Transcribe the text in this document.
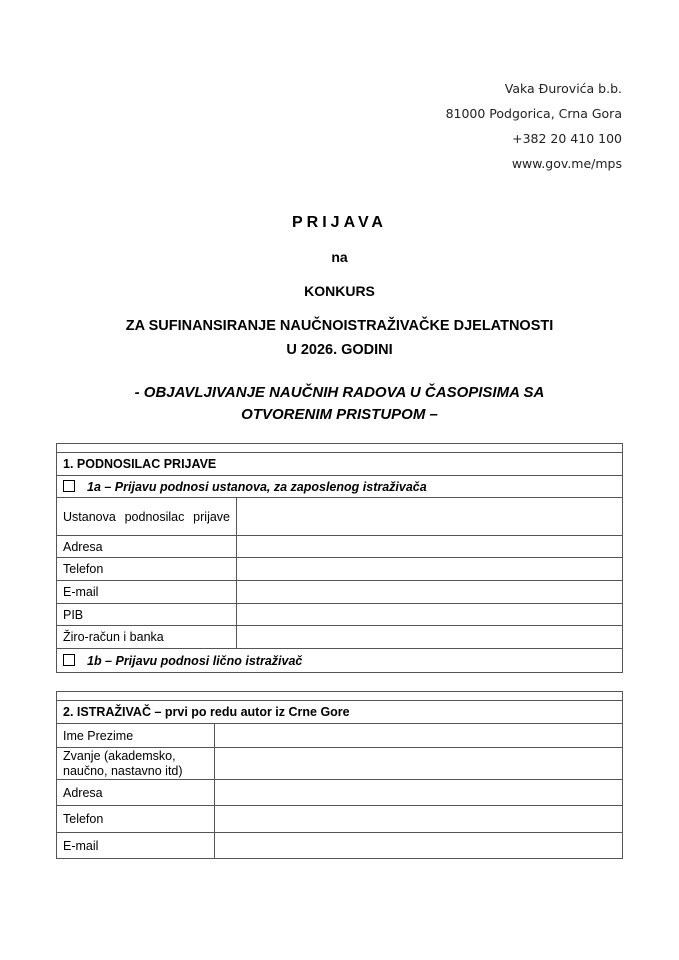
Vaka Đurovića b.b.
81000 Podgorica, Crna Gora
+382 20 410 100
www.gov.me/mps
PRIJAVA
na
KONKURS
ZA SUFINANSIRANJE NAUČNOISTRAŽIVAČKE DJELATNOSTI
U 2026. GODINI
- OBJAVLJIVANJE NAUČNIH RADOVA U ČASOPISIMA SA
OTVORENIM PRISTUPOM –

1. PODNOSILAC PRIJAVE	
1a – Prijavu podnosi ustanova, za zaposlenog istraživača	

Ustanova podnosilac prijave	

Adresa	
Telefon	
E-mail	
PIB	
Žiro-račun i banka	
1b – Prijavu podnosi lično istraživač	

2. ISTRAŽIVAČ – prvi po redu autor iz Crne Gore	
Ime Prezime	
Zvanje (akademsko, naučno, nastavno itd)	
Adresa	
Telefon	
E-mail	
